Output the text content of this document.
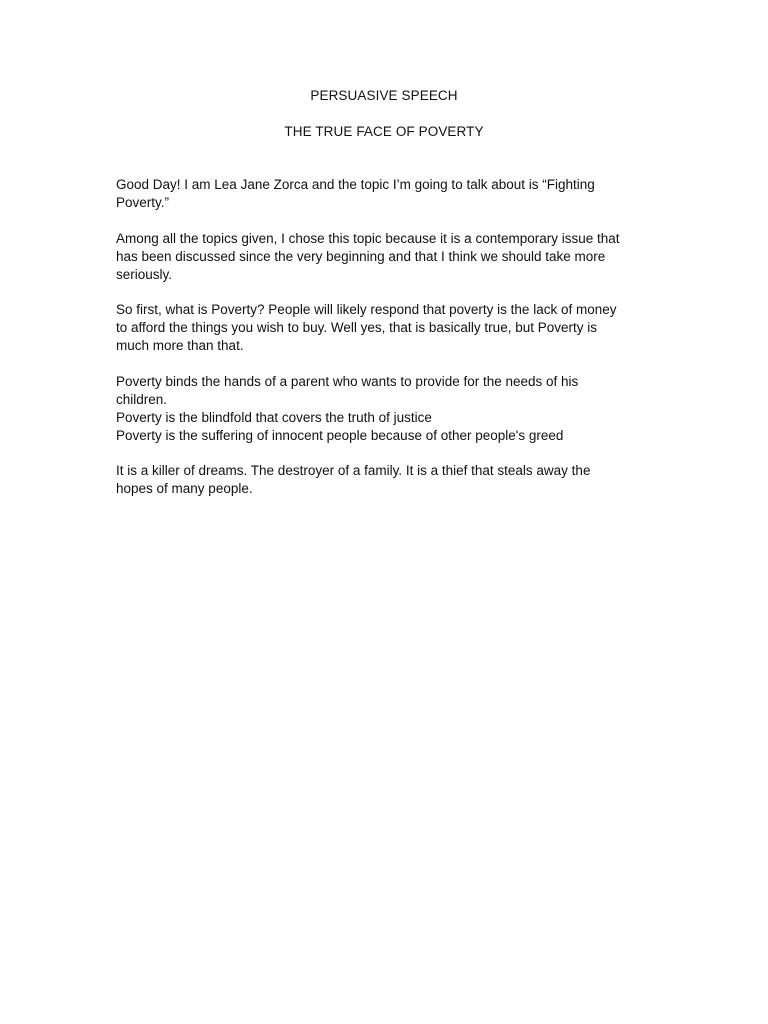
PERSUASIVE SPEECH
THE TRUE FACE OF POVERTY

Good Day! I am Lea Jane Zorca and the topic I’m going to talk about is “Fighting
Poverty.”

Among all the topics given, I chose this topic because it is a contemporary issue that
has been discussed since the very beginning and that I think we should take more
seriously.

So first, what is Poverty? People will likely respond that poverty is the lack of money
to afford the things you wish to buy. Well yes, that is basically true, but Poverty is
much more than that.

Poverty binds the hands of a parent who wants to provide for the needs of his
children.
Poverty is the blindfold that covers the truth of justice
Poverty is the suffering of innocent people because of other people's greed

It is a killer of dreams. The destroyer of a family. It is a thief that steals away the
hopes of many people.
